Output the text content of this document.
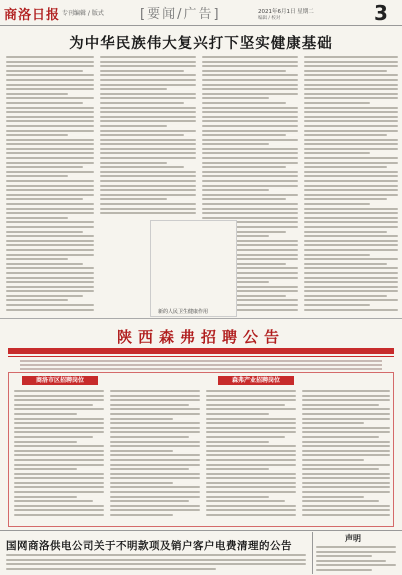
商洛日报 专刊编辑 / 版式	[要闻/广告]	2021年6月1日 星期二
编辑 / 校对	3
为中华民族伟大复兴打下坚实健康基础
新的人民卫生健康作用
陕西森弗招聘公告
商洛市区招聘岗位	森弗产业招聘岗位
国网商洛供电公司关于不明款项及销户客户电费清理的公告
声明
